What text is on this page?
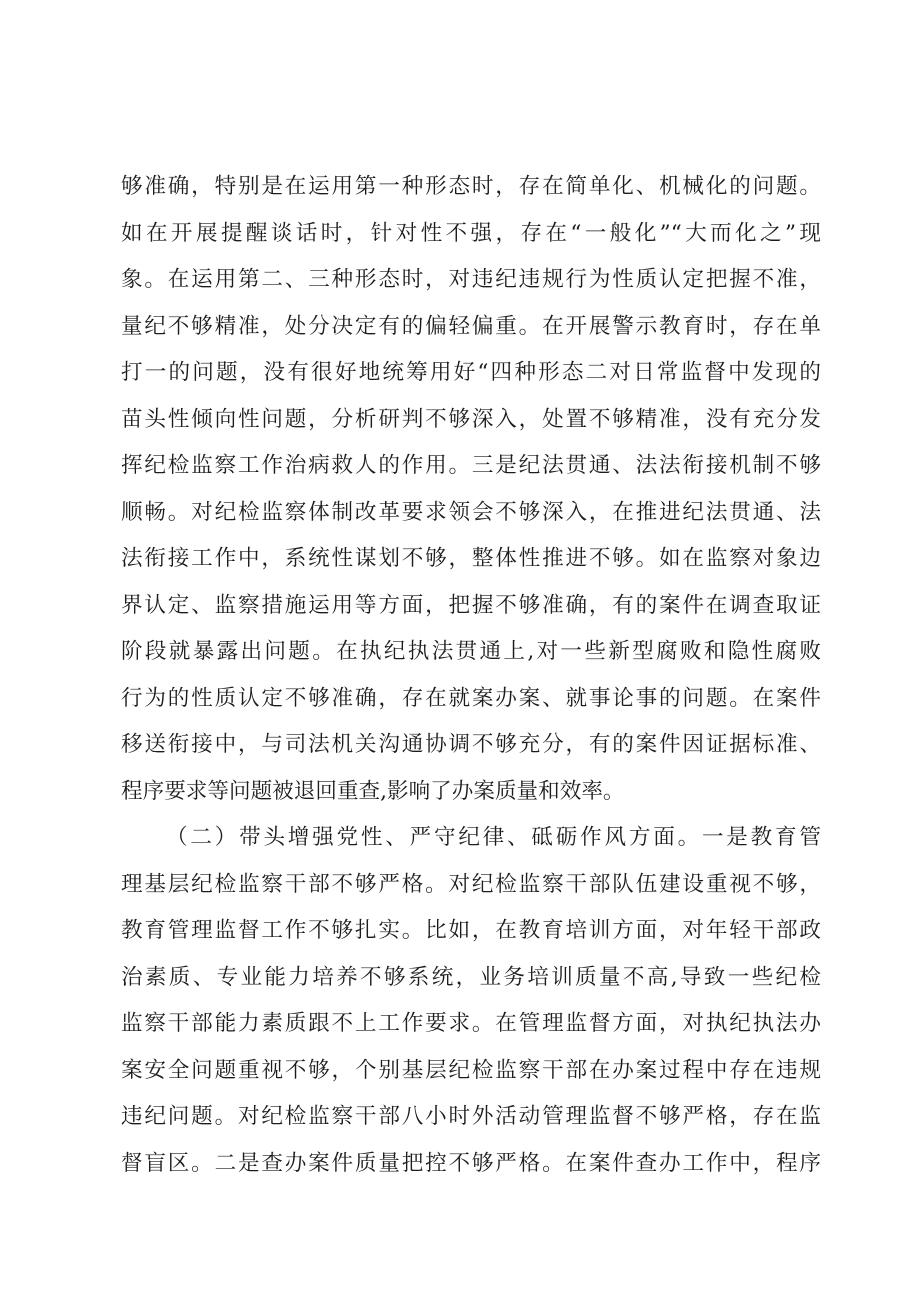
够准确，特别是在运用第一种形态时，存在简单化、机械化的问题。
如在开展提醒谈话时，针对性不强，存在“一般化”“大而化之”现
象。在运用第二、三种形态时，对违纪违规行为性质认定把握不准，
量纪不够精准，处分决定有的偏轻偏重。在开展警示教育时，存在单
打一的问题，没有很好地统筹用好“四种形态二对日常监督中发现的
苗头性倾向性问题，分析研判不够深入，处置不够精准，没有充分发
挥纪检监察工作治病救人的作用。三是纪法贯通、法法衔接机制不够
顺畅。对纪检监察体制改革要求领会不够深入，在推进纪法贯通、法
法衔接工作中，系统性谋划不够，整体性推进不够。如在监察对象边
界认定、监察措施运用等方面，把握不够准确，有的案件在调查取证
阶段就暴露出问题。在执纪执法贯通上,对一些新型腐败和隐性腐败
行为的性质认定不够准确，存在就案办案、就事论事的问题。在案件
移送衔接中，与司法机关沟通协调不够充分，有的案件因证据标准、
程序要求等问题被退回重查,影响了办案质量和效率。
（二）带头增强党性、严守纪律、砥砺作风方面。一是教育管
理基层纪检监察干部不够严格。对纪检监察干部队伍建设重视不够，
教育管理监督工作不够扎实。比如，在教育培训方面，对年轻干部政
治素质、专业能力培养不够系统，业务培训质量不高,导致一些纪检
监察干部能力素质跟不上工作要求。在管理监督方面，对执纪执法办
案安全问题重视不够，个别基层纪检监察干部在办案过程中存在违规
违纪问题。对纪检监察干部八小时外活动管理监督不够严格，存在监
督盲区。二是查办案件质量把控不够严格。在案件查办工作中，程序
